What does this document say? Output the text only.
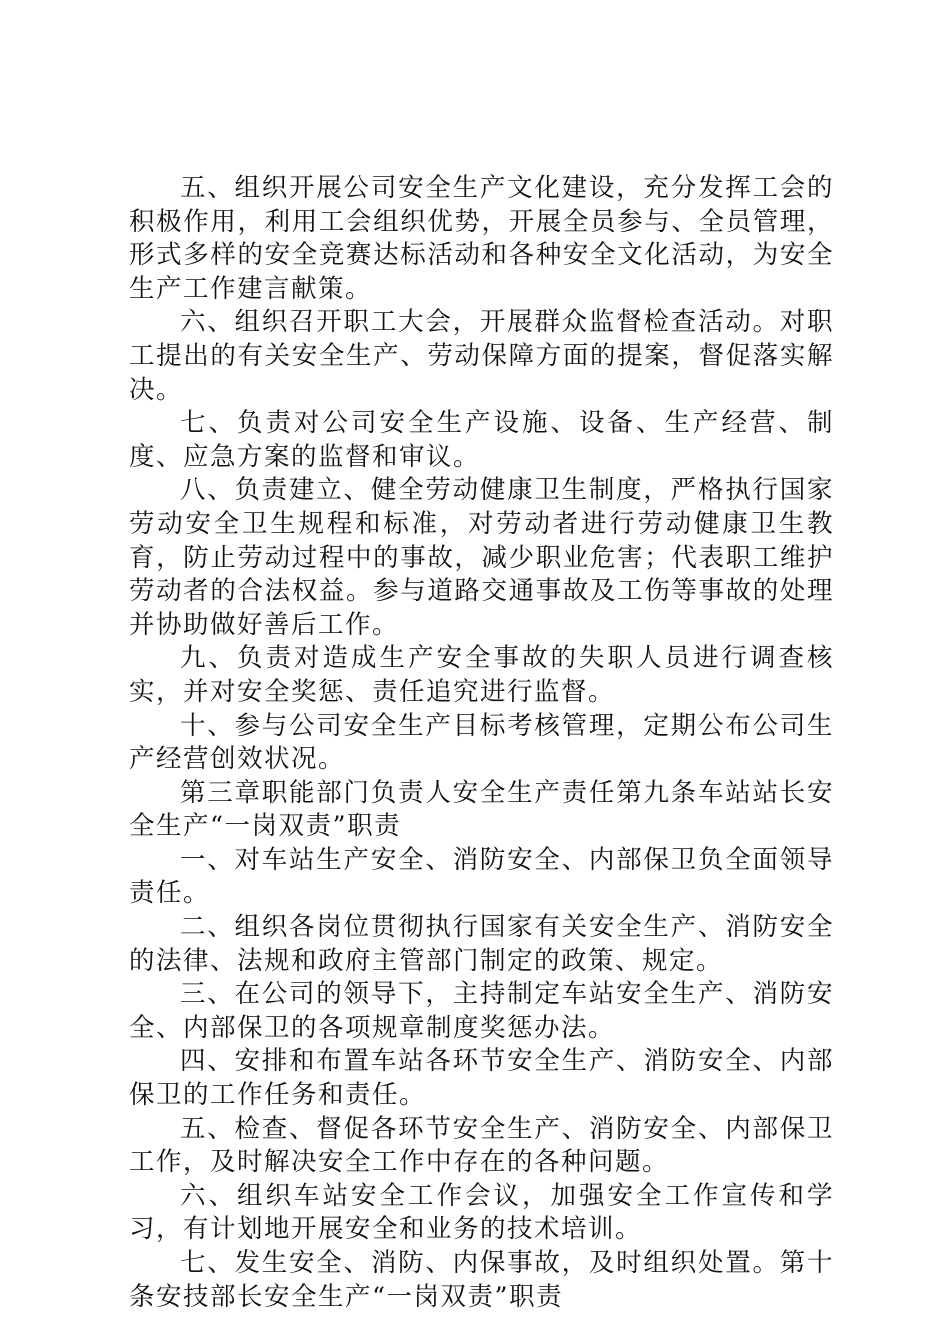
五、组织开展公司安全生产文化建设，充分发挥工会的积极作用，利用工会组织优势，开展全员参与、全员管理，形式多样的安全竞赛达标活动和各种安全文化活动，为安全生产工作建言献策。

六、组织召开职工大会，开展群众监督检查活动。对职工提出的有关安全生产、劳动保障方面的提案，督促落实解决。

七、负责对公司安全生产设施、设备、生产经营、制度、应急方案的监督和审议。

八、负责建立、健全劳动健康卫生制度，严格执行国家劳动安全卫生规程和标准，对劳动者进行劳动健康卫生教育，防止劳动过程中的事故，减少职业危害；代表职工维护劳动者的合法权益。参与道路交通事故及工伤等事故的处理并协助做好善后工作。

九、负责对造成生产安全事故的失职人员进行调查核实，并对安全奖惩、责任追究进行监督。

十、参与公司安全生产目标考核管理，定期公布公司生产经营创效状况。

第三章职能部门负责人安全生产责任第九条车站站长安全生产“一岗双责”职责

一、对车站生产安全、消防安全、内部保卫负全面领导责任。

二、组织各岗位贯彻执行国家有关安全生产、消防安全的法律、法规和政府主管部门制定的政策、规定。

三、在公司的领导下，主持制定车站安全生产、消防安全、内部保卫的各项规章制度奖惩办法。

四、安排和布置车站各环节安全生产、消防安全、内部保卫的工作任务和责任。

五、检查、督促各环节安全生产、消防安全、内部保卫工作，及时解决安全工作中存在的各种问题。

六、组织车站安全工作会议，加强安全工作宣传和学习，有计划地开展安全和业务的技术培训。

七、发生安全、消防、内保事故，及时组织处置。第十条安技部长安全生产“一岗双责”职责
